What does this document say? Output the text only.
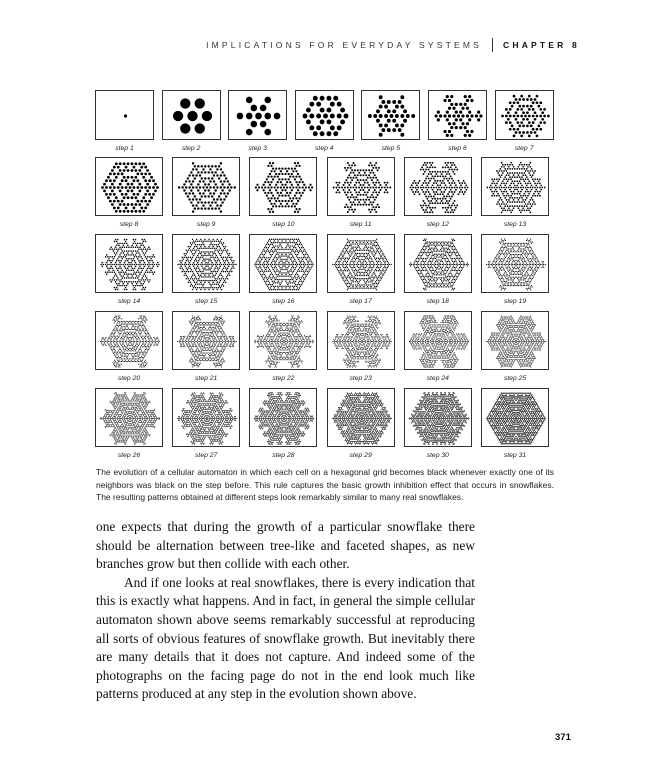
IMPLICATIONS FOR EVERYDAY SYSTEMS CHAPTER 8
step 1	step 2	step 3	step 4	step 5	step 6	step 7
step 8	step 9	step 10	step 11	step 12	step 13
step 14	step 15	step 16	step 17	step 18	step 19
step 20	step 21	step 22	step 23	step 24	step 25
step 26	step 27	step 28	step 29	step 30	step 31
The evolution of a cellular automaton in which each cell on a hexagonal grid becomes black whenever exactly one of its neighbors was black on the step before. This rule captures the basic growth inhibition effect that occurs in snowflakes. The resulting patterns obtained at different steps look remarkably similar to many real snowflakes.

one expects that during the growth of a particular snowflake there should be alternation between tree-like and faceted shapes, as new branches grow but then collide with each other.

And if one looks at real snowflakes, there is every indication that this is exactly what happens. And in fact, in general the simple cellular automaton shown above seems remarkably successful at reproducing all sorts of obvious features of snowflake growth. But inevitably there are many details that it does not capture. And indeed some of the photographs on the facing page do not in the end look much like patterns produced at any step in the evolution shown above.

371
